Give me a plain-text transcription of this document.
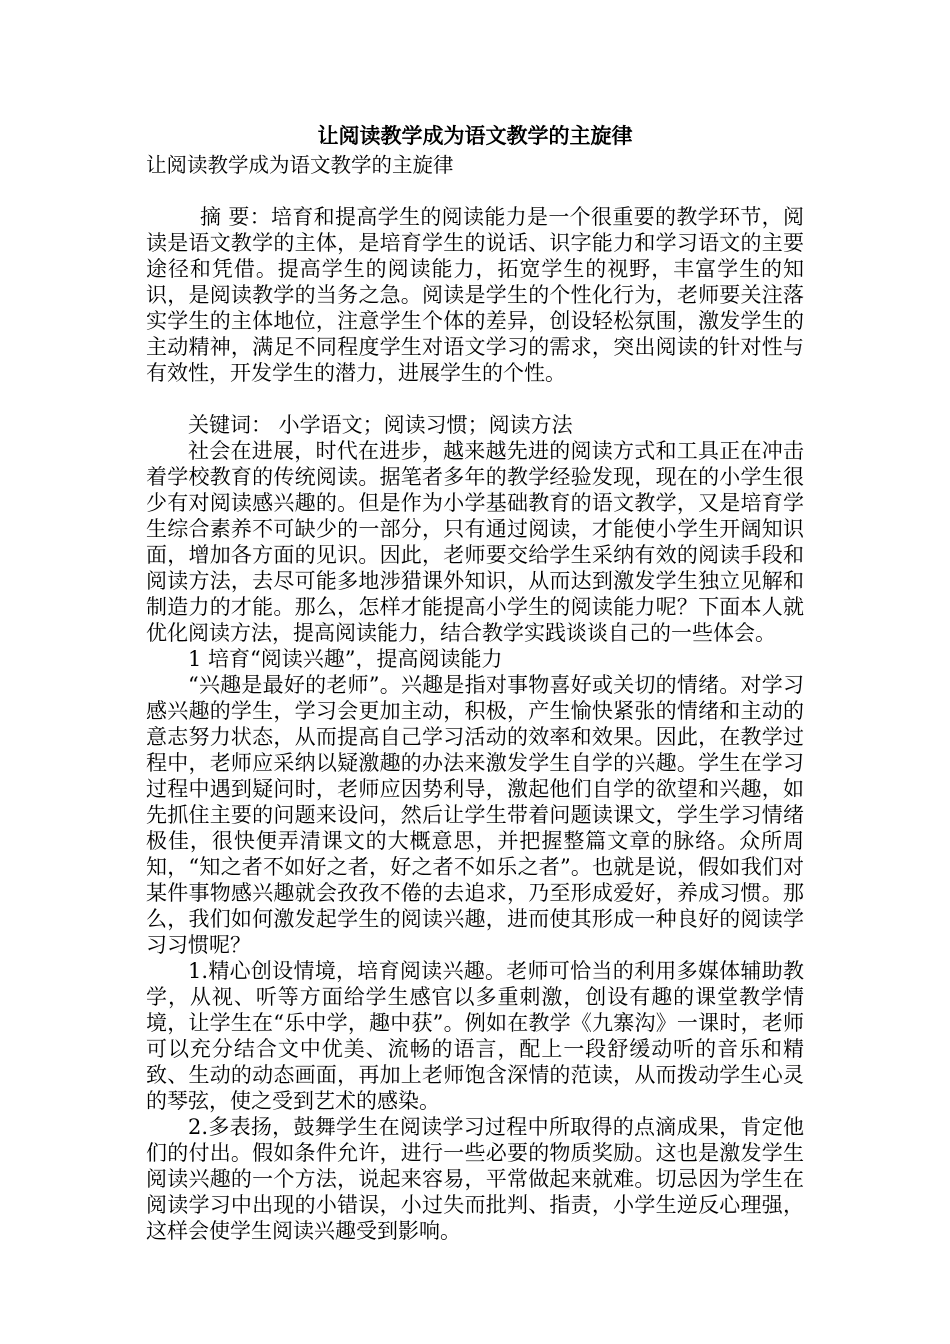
让阅读教学成为语文教学的主旋律

让阅读教学成为语文教学的主旋律

摘 要：培育和提高学生的阅读能力是一个很重要的教学环节，阅读是语文教学的主体，是培育学生的说话、识字能力和学习语文的主要途径和凭借。提高学生的阅读能力，拓宽学生的视野，丰富学生的知识，是阅读教学的当务之急。阅读是学生的个性化行为，老师要关注落实学生的主体地位，注意学生个体的差异，创设轻松氛围，激发学生的主动精神，满足不同程度学生对语文学习的需求，突出阅读的针对性与有效性，开发学生的潜力，进展学生的个性。

关键词： 小学语文；阅读习惯；阅读方法

社会在进展，时代在进步，越来越先进的阅读方式和工具正在冲击着学校教育的传统阅读。据笔者多年的教学经验发现，现在的小学生很少有对阅读感兴趣的。但是作为小学基础教育的语文教学，又是培育学生综合素养不可缺少的一部分，只有通过阅读，才能使小学生开阔知识面，增加各方面的见识。因此，老师要交给学生采纳有效的阅读手段和阅读方法，去尽可能多地涉猎课外知识，从而达到激发学生独立见解和制造力的才能。那么，怎样才能提高小学生的阅读能力呢？下面本人就优化阅读方法，提高阅读能力，结合教学实践谈谈自己的一些体会。

1 培育“阅读兴趣”，提高阅读能力

“兴趣是最好的老师”。兴趣是指对事物喜好或关切的情绪。对学习感兴趣的学生，学习会更加主动，积极，产生愉快紧张的情绪和主动的意志努力状态，从而提高自己学习活动的效率和效果。因此，在教学过程中，老师应采纳以疑激趣的办法来激发学生自学的兴趣。学生在学习过程中遇到疑问时，老师应因势利导，激起他们自学的欲望和兴趣，如先抓住主要的问题来设问，然后让学生带着问题读课文，学生学习情绪极佳，很快便弄清课文的大概意思，并把握整篇文章的脉络。众所周知，“知之者不如好之者，好之者不如乐之者”。也就是说，假如我们对某件事物感兴趣就会孜孜不倦的去追求，乃至形成爱好，养成习惯。那么，我们如何激发起学生的阅读兴趣，进而使其形成一种良好的阅读学习习惯呢？

1.精心创设情境，培育阅读兴趣。老师可恰当的利用多媒体辅助教学，从视、听等方面给学生感官以多重刺激，创设有趣的课堂教学情境，让学生在“乐中学，趣中获”。例如在教学《九寨沟》一课时，老师可以充分结合文中优美、流畅的语言，配上一段舒缓动听的音乐和精致、生动的动态画面，再加上老师饱含深情的范读，从而拨动学生心灵的琴弦，使之受到艺术的感染。

2.多表扬，鼓舞学生在阅读学习过程中所取得的点滴成果，肯定他们的付出。假如条件允许，进行一些必要的物质奖励。这也是激发学生阅读兴趣的一个方法，说起来容易，平常做起来就难。切忌因为学生在阅读学习中出现的小错误，小过失而批判、指责，小学生逆反心理强，这样会使学生阅读兴趣受到影响。
